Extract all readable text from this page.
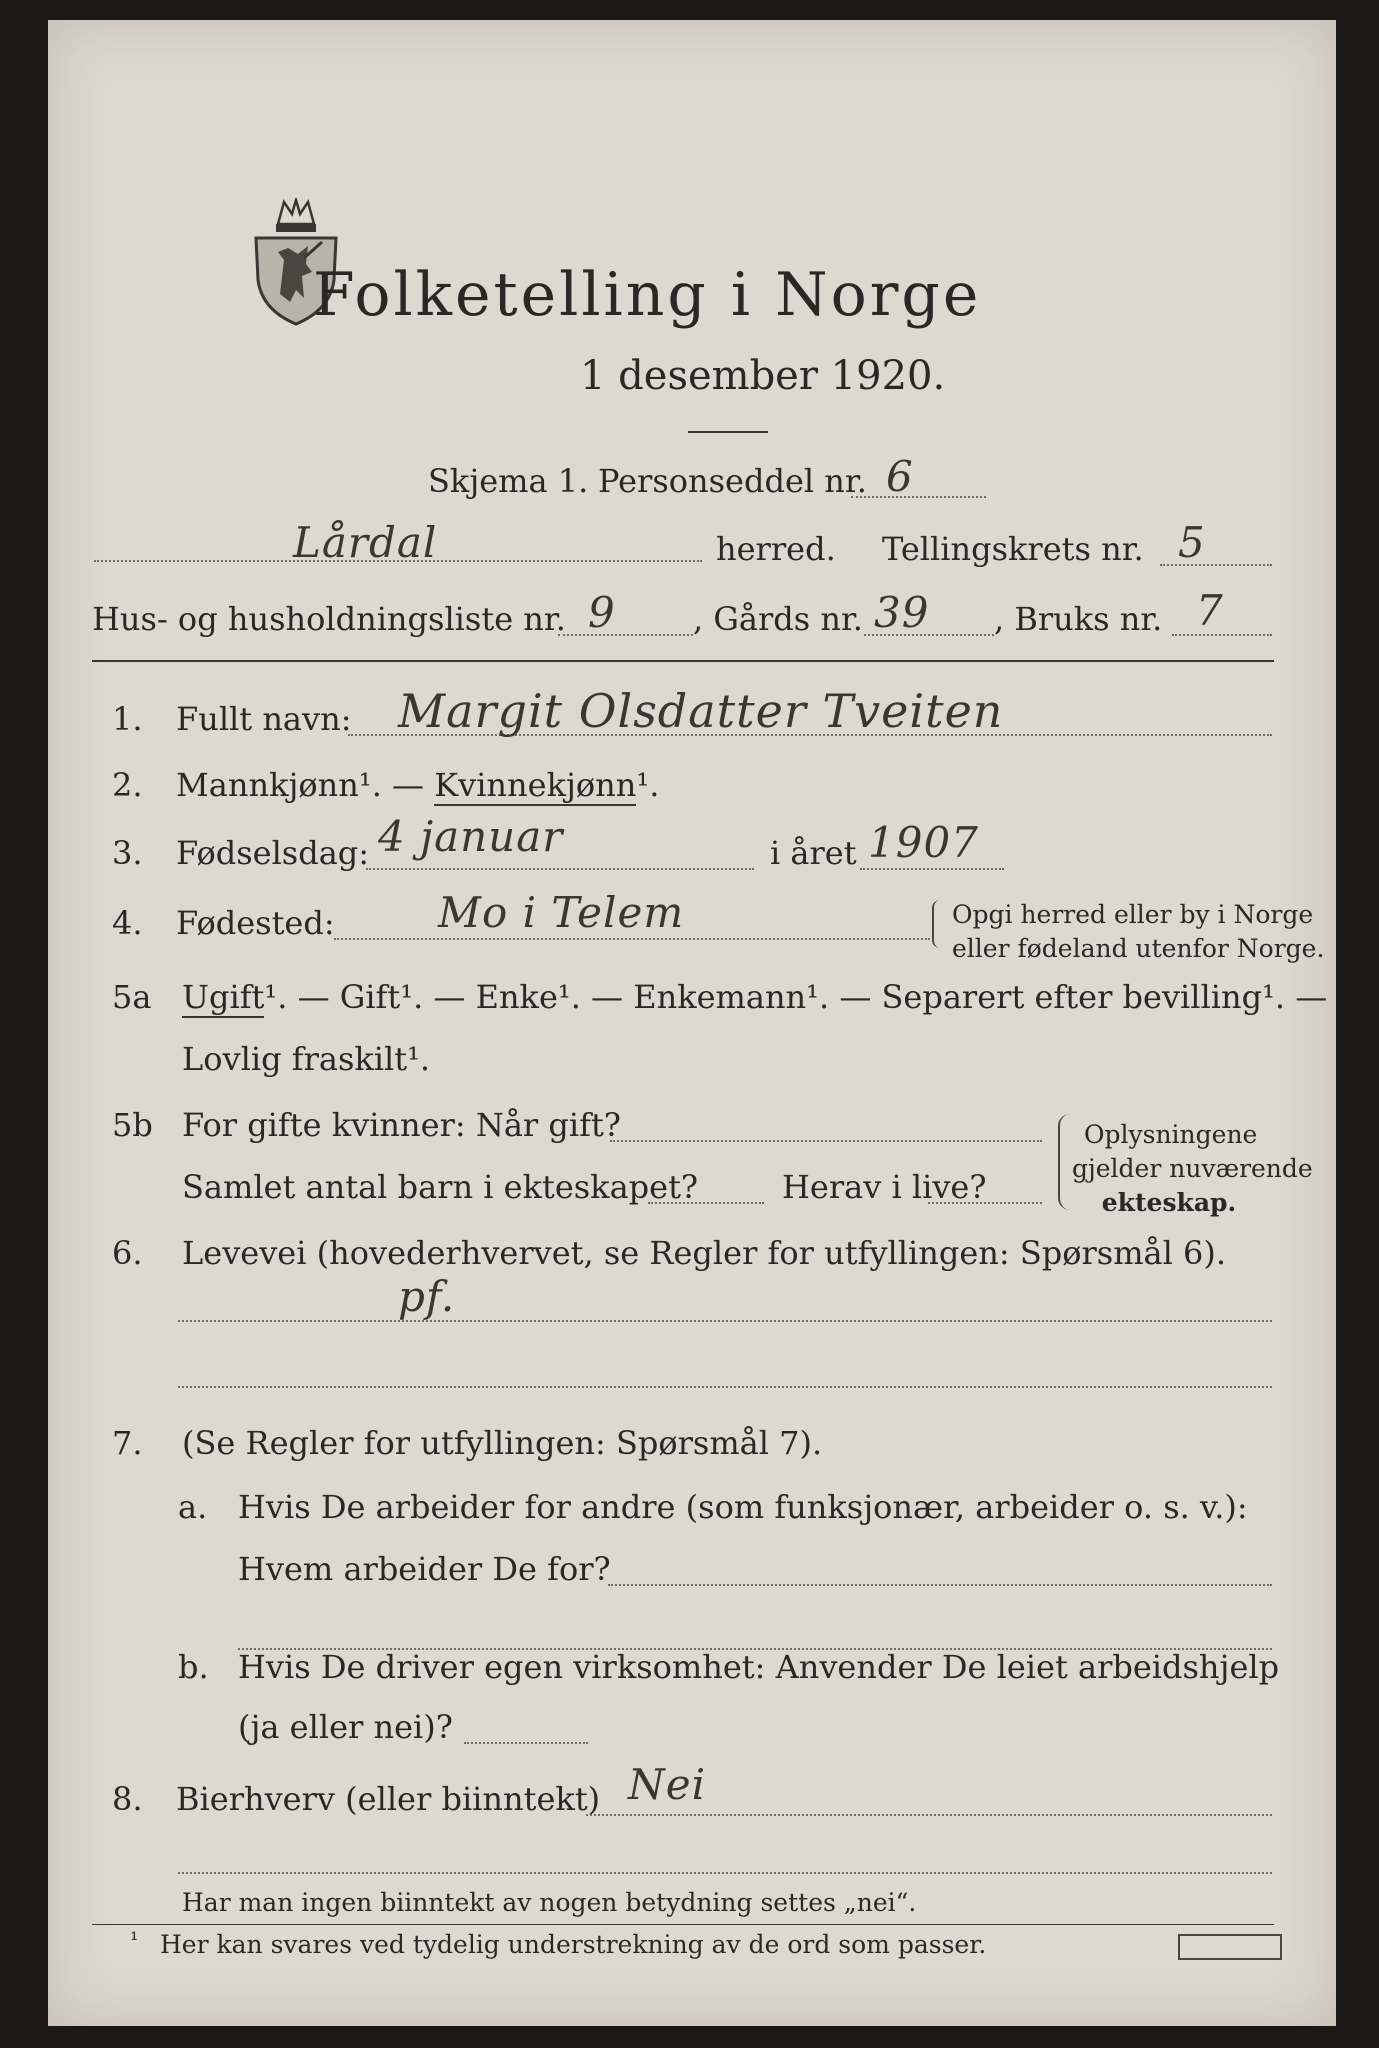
Folketelling i Norge
1 desember 1920.
Skjema 1. Personseddel nr. 6
Lårdal	herred. Tellingskrets nr. 5
Hus- og husholdningsliste nr. 9 , Gårds nr. 39 , Bruks nr. 7
1. Fullt navn: Margit Olsdatter Tveiten
2. Mannkjønn¹. — Kvinnekjønn¹.
3. Fødselsdag: 4 januar	i året 1907
4. Fødested: Mo i Telem	Opgi herred eller by i Norge
eller fødeland utenfor Norge.
5a Ugift¹. — Gift¹. — Enke¹. — Enkemann¹. — Separert efter bevilling¹. —
Lovlig fraskilt¹.
5b For gifte kvinner: Når gift?
Samlet antal barn i ekteskapet?	Herav i live?
Oplysningene
gjelder nuværende
ekteskap.
6. Levevei (hovederhvervet, se Regler for utfyllingen: Spørsmål 6).
pf.
7. (Se Regler for utfyllingen: Spørsmål 7).
a. Hvis De arbeider for andre (som funksjonær, arbeider o. s. v.):
Hvem arbeider De for?
b. Hvis De driver egen virksomhet: Anvender De leiet arbeidshjelp
(ja eller nei)?
8. Bierhverv (eller biinntekt) Nei
Har man ingen biinntekt av nogen betydning settes „nei“.
¹ Her kan svares ved tydelig understrekning av de ord som passer.
